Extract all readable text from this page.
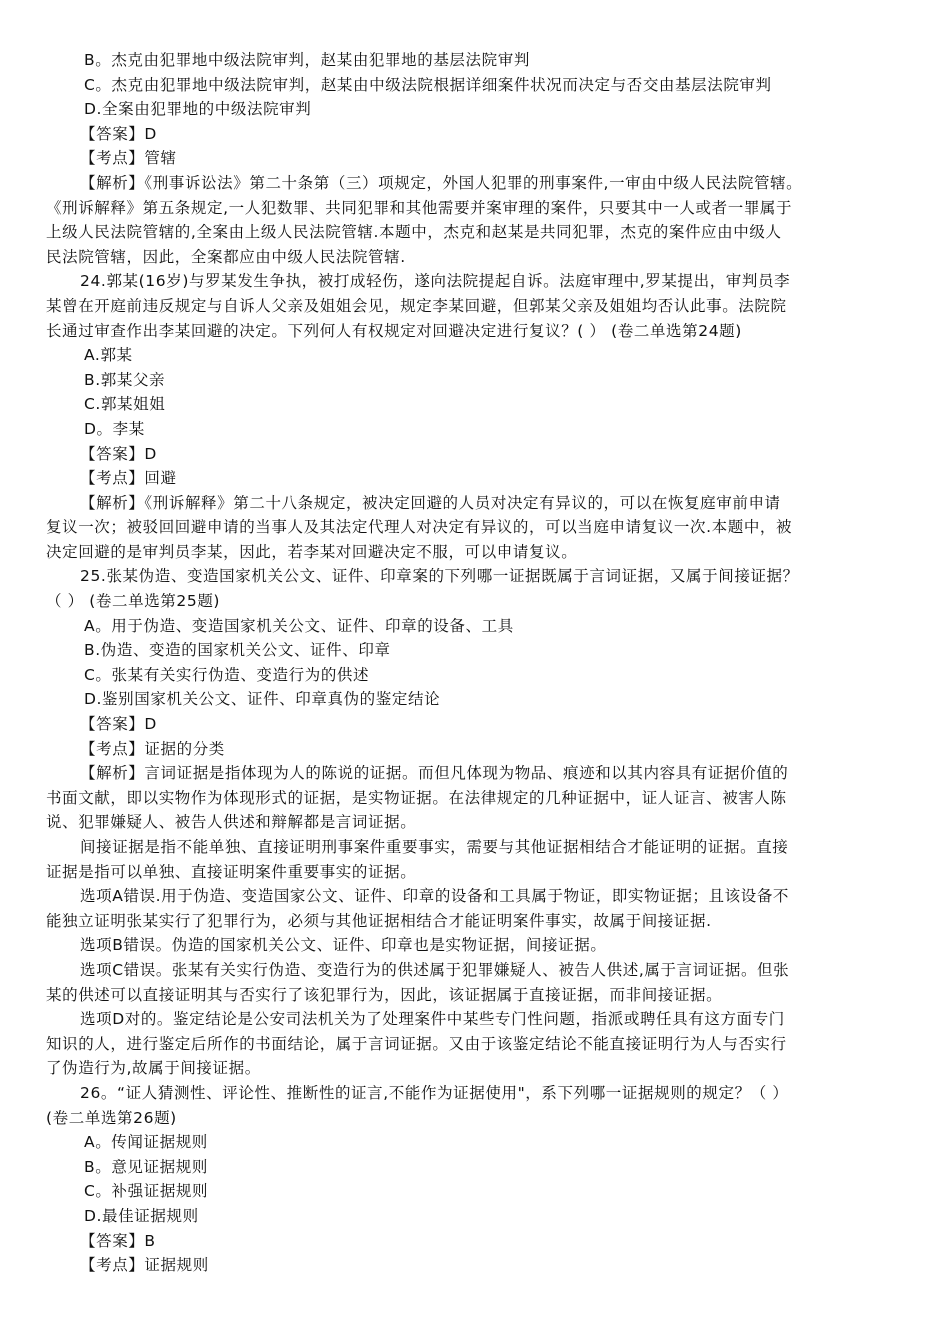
B。杰克由犯罪地中级法院审判，赵某由犯罪地的基层法院审判
C。杰克由犯罪地中级法院审判，赵某由中级法院根据详细案件状况而决定与否交由基层法院审判
D.全案由犯罪地的中级法院审判
【答案】D
【考点】管辖
【解析】《刑事诉讼法》第二十条第（三）项规定，外国人犯罪的刑事案件,一审由中级人民法院管辖。
《刑诉解释》第五条规定,一人犯数罪、共同犯罪和其他需要并案审理的案件，只要其中一人或者一罪属于
上级人民法院管辖的,全案由上级人民法院管辖.本题中，杰克和赵某是共同犯罪，杰克的案件应由中级人
民法院管辖，因此，全案都应由中级人民法院管辖.
24.郭某(16岁)与罗某发生争执，被打成轻伤，遂向法院提起自诉。法庭审理中,罗某提出，审判员李
某曾在开庭前违反规定与自诉人父亲及姐姐会见，规定李某回避，但郭某父亲及姐姐均否认此事。法院院
长通过审查作出李某回避的决定。下列何人有权规定对回避决定进行复议？( ） (卷二单选第24题)
A.郭某
B.郭某父亲
C.郭某姐姐
D。李某
【答案】D
【考点】回避
【解析】《刑诉解释》第二十八条规定，被决定回避的人员对决定有异议的，可以在恢复庭审前申请
复议一次；被驳回回避申请的当事人及其法定代理人对决定有异议的，可以当庭申请复议一次.本题中，被
决定回避的是审判员李某，因此，若李某对回避决定不服，可以申请复议。
25.张某伪造、变造国家机关公文、证件、印章案的下列哪一证据既属于言词证据，又属于间接证据？
（ ） (卷二单选第25题)
A。用于伪造、变造国家机关公文、证件、印章的设备、工具
B.伪造、变造的国家机关公文、证件、印章
C。张某有关实行伪造、变造行为的供述
D.鉴别国家机关公文、证件、印章真伪的鉴定结论
【答案】D
【考点】证据的分类
【解析】言词证据是指体现为人的陈说的证据。而但凡体现为物品、痕迹和以其内容具有证据价值的
书面文献，即以实物作为体现形式的证据，是实物证据。在法律规定的几种证据中，证人证言、被害人陈
说、犯罪嫌疑人、被告人供述和辩解都是言词证据。
间接证据是指不能单独、直接证明刑事案件重要事实，需要与其他证据相结合才能证明的证据。直接
证据是指可以单独、直接证明案件重要事实的证据。
选项A错误.用于伪造、变造国家公文、证件、印章的设备和工具属于物证，即实物证据；且该设备不
能独立证明张某实行了犯罪行为，必须与其他证据相结合才能证明案件事实，故属于间接证据.
选项B错误。伪造的国家机关公文、证件、印章也是实物证据，间接证据。
选项C错误。张某有关实行伪造、变造行为的供述属于犯罪嫌疑人、被告人供述,属于言词证据。但张
某的供述可以直接证明其与否实行了该犯罪行为，因此，该证据属于直接证据，而非间接证据。
选项D对的。鉴定结论是公安司法机关为了处理案件中某些专门性问题，指派或聘任具有这方面专门
知识的人，进行鉴定后所作的书面结论，属于言词证据。又由于该鉴定结论不能直接证明行为人与否实行
了伪造行为,故属于间接证据。
26。“证人猜测性、评论性、推断性的证言,不能作为证据使用"，系下列哪一证据规则的规定？（ ）
(卷二单选第26题)
A。传闻证据规则
B。意见证据规则
C。补强证据规则
D.最佳证据规则
【答案】B
【考点】证据规则
